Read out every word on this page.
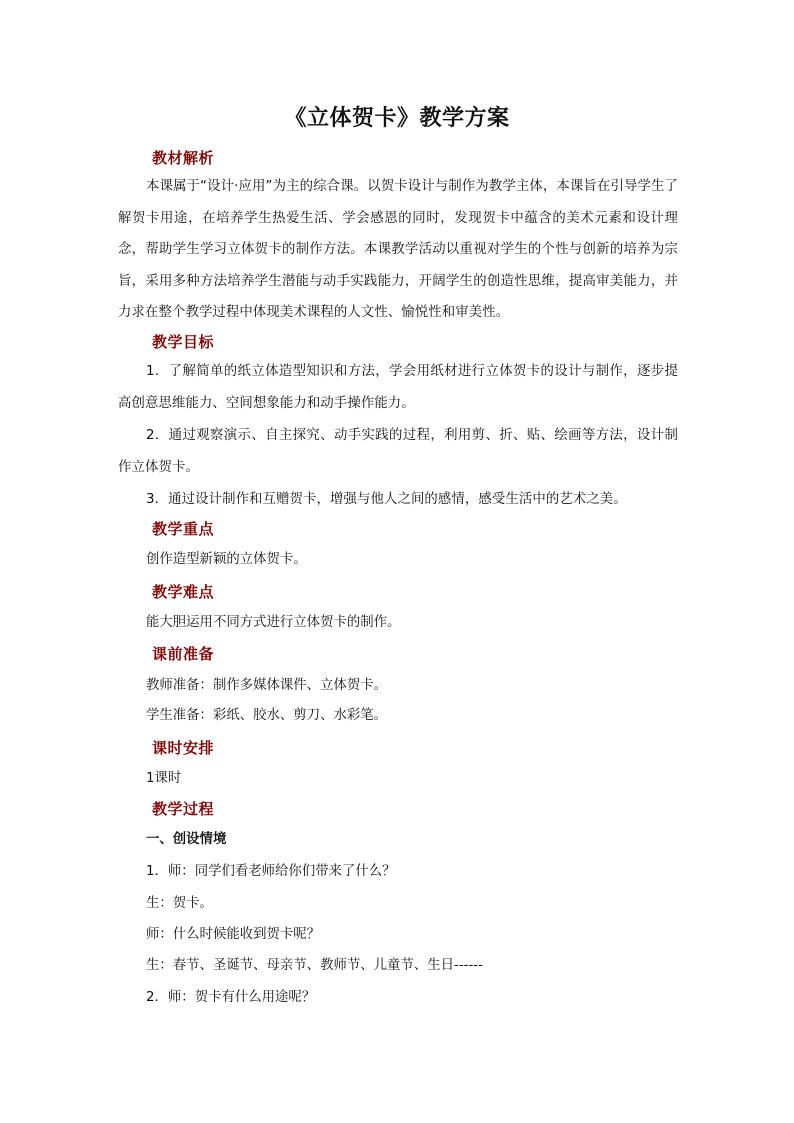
《立体贺卡》教学方案
教材解析
本课属于“设计·应用”为主的综合课。以贺卡设计与制作为教学主体，本课旨在引导学生了解贺卡用途，在培养学生热爱生活、学会感恩的同时，发现贺卡中蕴含的美术元素和设计理念，帮助学生学习立体贺卡的制作方法。本课教学活动以重视对学生的个性与创新的培养为宗旨，采用多种方法培养学生潜能与动手实践能力，开阔学生的创造性思维，提高审美能力，并力求在整个教学过程中体现美术课程的人文性、愉悦性和审美性。
教学目标
1．了解简单的纸立体造型知识和方法，学会用纸材进行立体贺卡的设计与制作，逐步提高创意思维能力、空间想象能力和动手操作能力。
2．通过观察演示、自主探究、动手实践的过程，利用剪、折、贴、绘画等方法，设计制作立体贺卡。
3．通过设计制作和互赠贺卡，增强与他人之间的感情，感受生活中的艺术之美。
教学重点
创作造型新颖的立体贺卡。
教学难点
能大胆运用不同方式进行立体贺卡的制作。
课前准备
教师准备：制作多媒体课件、立体贺卡。
学生准备：彩纸、胶水、剪刀、水彩笔。
课时安排
1课时
教学过程
一、创设情境
1．师：同学们看老师给你们带来了什么？
生：贺卡。
师：什么时候能收到贺卡呢？
生：春节、圣诞节、母亲节、教师节、儿童节、生日------
2．师：贺卡有什么用途呢？
